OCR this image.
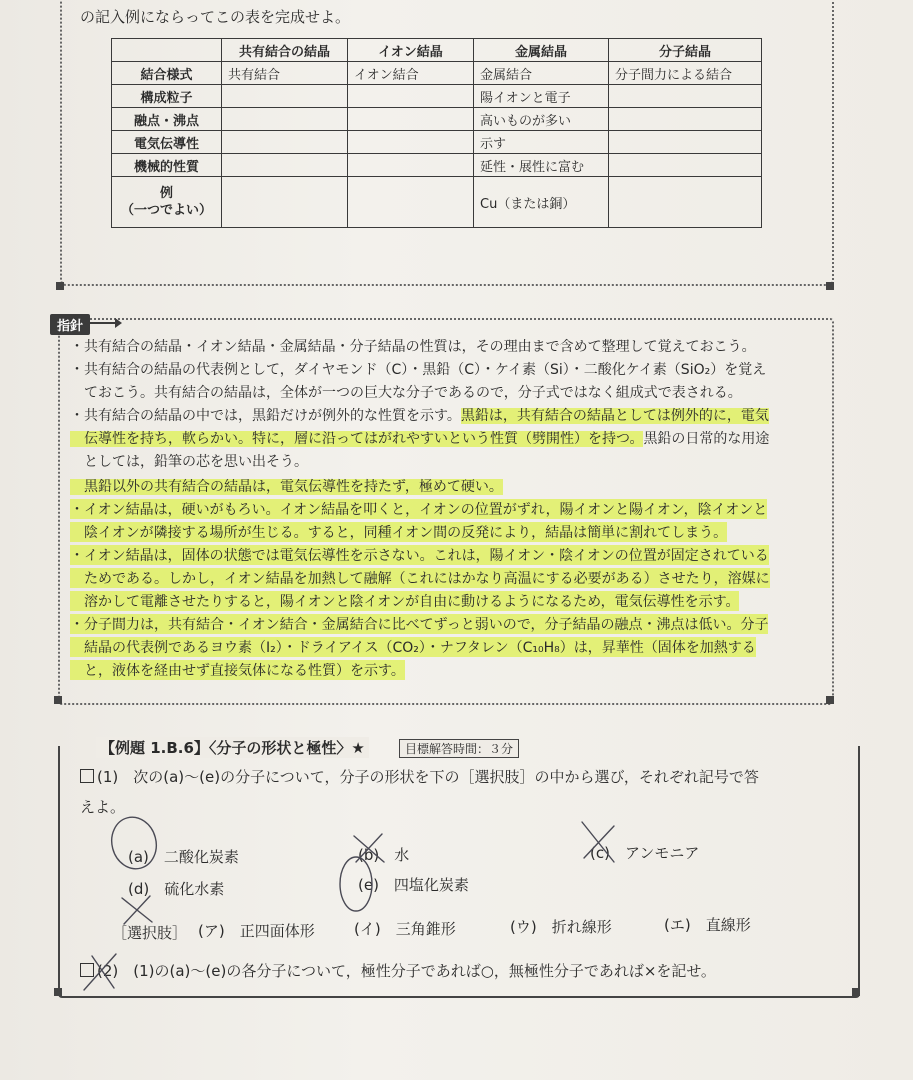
の記入例にならってこの表を完成せよ。
	共有結合の結晶	イオン結晶	金属結晶	分子結晶
結合様式	共有結合	イオン結合	金属結合	分子間力による結合
構成粒子			陽イオンと電子	
融点・沸点			高いものが多い	
電気伝導性			示す	
機械的性質			延性・展性に富む	
例
（一つでよい）			Cu（または銅）	
指針
・共有結合の結晶・イオン結晶・金属結晶・分子結晶の性質は，その理由まで含めて整理して覚えておこう。
・共有結合の結晶の代表例として，ダイヤモンド（C）・黒鉛（C）・ケイ素（Si）・二酸化ケイ素（SiO₂）を覚え
　ておこう。共有結合の結晶は，全体が一つの巨大な分子であるので，分子式ではなく組成式で表される。
・共有結合の結晶の中では，黒鉛だけが例外的な性質を示す。黒鉛は，共有結合の結晶としては例外的に，電気
　伝導性を持ち，軟らかい。特に，層に沿ってはがれやすいという性質（劈開性）を持つ。黒鉛の日常的な用途
　としては，鉛筆の芯を思い出そう。
　黒鉛以外の共有結合の結晶は，電気伝導性を持たず，極めて硬い。
・イオン結晶は，硬いがもろい。イオン結晶を叩くと，イオンの位置がずれ，陽イオンと陽イオン，陰イオンと
　陰イオンが隣接する場所が生じる。すると，同種イオン間の反発により，結晶は簡単に割れてしまう。
・イオン結晶は，固体の状態では電気伝導性を示さない。これは，陽イオン・陰イオンの位置が固定されている
　ためである。しかし，イオン結晶を加熱して融解（これにはかなり高温にする必要がある）させたり，溶媒に
　溶かして電離させたりすると，陽イオンと陰イオンが自由に動けるようになるため，電気伝導性を示す。
・分子間力は，共有結合・イオン結合・金属結合に比べてずっと弱いので，分子結晶の融点・沸点は低い。分子
　結晶の代表例であるヨウ素（I₂）・ドライアイス（CO₂）・ナフタレン（C₁₀H₈）は，昇華性（固体を加熱する
　と，液体を経由せず直接気体になる性質）を示す。
【例題 1.B.6】〈分子の形状と極性〉★	目標解答時間：３分
(1)　次の(a)～(e)の分子について，分子の形状を下の［選択肢］の中から選び，それぞれ記号で答
えよ。
(a)　二酸化炭素	(b)　水	(c)　アンモニア
(d)　硫化水素	(e)　四塩化炭素
［選択肢］ (ア)　正四面体形	(イ)　三角錐形	(ウ)　折れ線形	(エ)　直線形
(2)　(1)の(a)～(e)の各分子について，極性分子であれば○，無極性分子であれば×を記せ。
